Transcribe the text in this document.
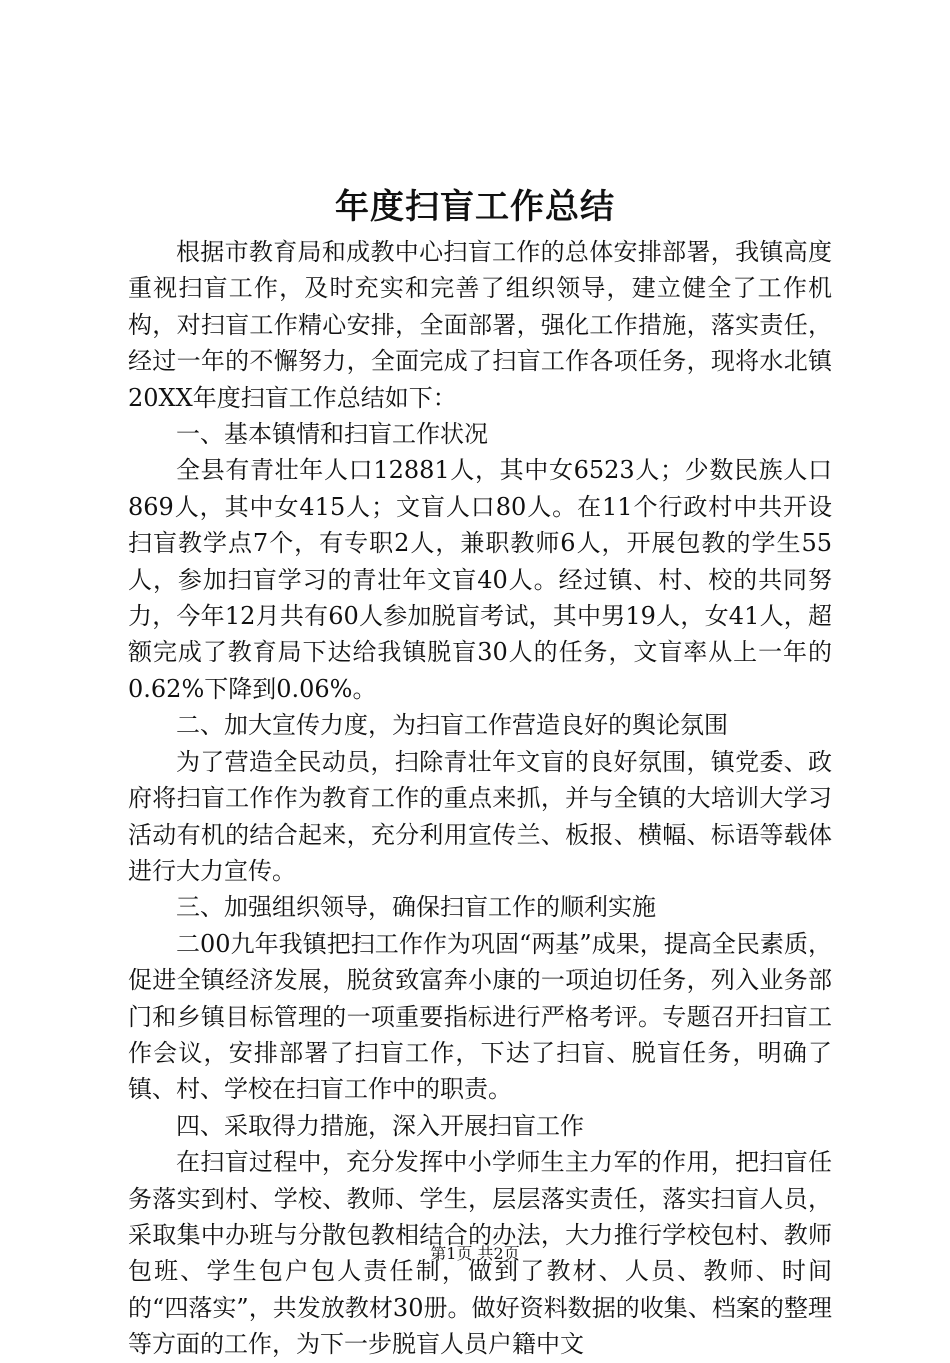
年度扫盲工作总结

根据市教育局和成教中心扫盲工作的总体安排部署，我镇高度重视扫盲工作，及时充实和完善了组织领导，建立健全了工作机构，对扫盲工作精心安排，全面部署，强化工作措施，落实责任，经过一年的不懈努力，全面完成了扫盲工作各项任务，现将水北镇20XX年度扫盲工作总结如下：

一、基本镇情和扫盲工作状况

全县有青壮年人口12881人，其中女6523人；少数民族人口869人，其中女415人；文盲人口80人。在11个行政村中共开设扫盲教学点7个，有专职2人，兼职教师6人，开展包教的学生55人，参加扫盲学习的青壮年文盲40人。经过镇、村、校的共同努力，今年12月共有60人参加脱盲考试，其中男19人，女41人，超额完成了教育局下达给我镇脱盲30人的任务，文盲率从上一年的0.62%下降到0.06%。

二、加大宣传力度，为扫盲工作营造良好的舆论氛围

为了营造全民动员，扫除青壮年文盲的良好氛围，镇党委、政府将扫盲工作作为教育工作的重点来抓，并与全镇的大培训大学习活动有机的结合起来，充分利用宣传兰、板报、横幅、标语等载体进行大力宣传。

三、加强组织领导，确保扫盲工作的顺利实施

二00九年我镇把扫工作作为巩固“两基”成果，提高全民素质，促进全镇经济发展，脱贫致富奔小康的一项迫切任务，列入业务部门和乡镇目标管理的一项重要指标进行严格考评。专题召开扫盲工作会议，安排部署了扫盲工作，下达了扫盲、脱盲任务，明确了镇、村、学校在扫盲工作中的职责。

四、采取得力措施，深入开展扫盲工作

在扫盲过程中，充分发挥中小学师生主力军的作用，把扫盲任务落实到村、学校、教师、学生，层层落实责任，落实扫盲人员，采取集中办班与分散包教相结合的办法，大力推行学校包村、教师包班、学生包户包人责任制，做到了教材、人员、教师、时间的“四落实”，共发放教材30册。做好资料数据的收集、档案的整理等方面的工作，为下一步脱盲人员户籍中文

第1页 共2页
